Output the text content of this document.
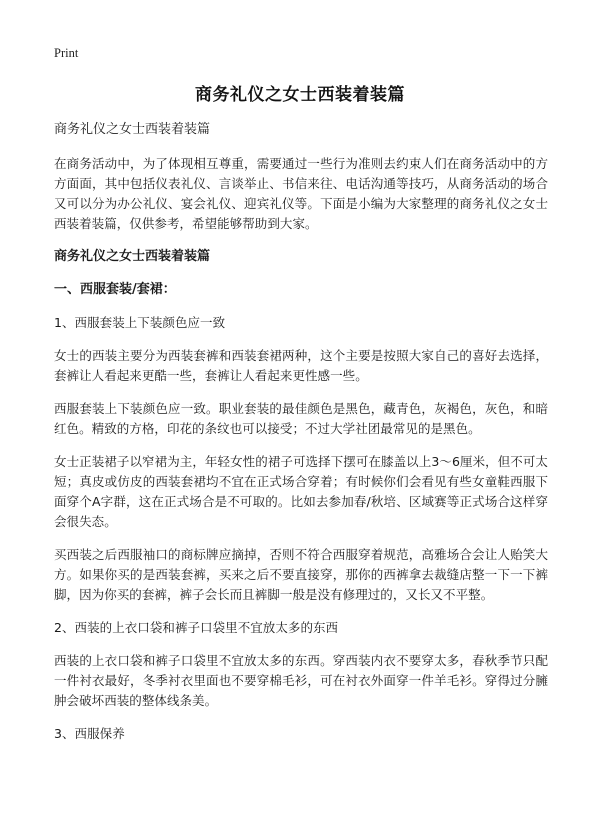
Print
商务礼仪之女士西装着装篇
商务礼仪之女士西装着装篇

在商务活动中，为了体现相互尊重，需要通过一些行为准则去约束人们在商务活动中的方方面面，其中包括仪表礼仪、言谈举止、书信来往、电话沟通等技巧，从商务活动的场合又可以分为办公礼仪、宴会礼仪、迎宾礼仪等。下面是小编为大家整理的商务礼仪之女士西装着装篇，仅供参考，希望能够帮助到大家。

商务礼仪之女士西装着装篇
一、西服套装/套裙：

1、西服套装上下装颜色应一致

女士的西装主要分为西装套裤和西装套裙两种，这个主要是按照大家自己的喜好去选择，套裤让人看起来更酷一些，套裤让人看起来更性感一些。

西服套装上下装颜色应一致。职业套装的最佳颜色是黑色，藏青色，灰褐色，灰色，和暗红色。精致的方格，印花的条纹也可以接受；不过大学社团最常见的是黑色。

女士正装裙子以窄裙为主，年轻女性的裙子可选择下摆可在膝盖以上3～6厘米，但不可太短；真皮或仿皮的西装套裙均不宜在正式场合穿着；有时候你们会看见有些女童鞋西服下面穿个A字群，这在正式场合是不可取的。比如去参加春/秋培、区域赛等正式场合这样穿会很失态。

买西装之后西服袖口的商标牌应摘掉，否则不符合西服穿着规范，高雅场合会让人贻笑大方。如果你买的是西装套裤，买来之后不要直接穿，那你的西裤拿去裁缝店整一下一下裤脚，因为你买的套裤，裤子会长而且裤脚一般是没有修理过的，又长又不平整。

2、西装的上衣口袋和裤子口袋里不宜放太多的东西

西装的上衣口袋和裤子口袋里不宜放太多的东西。穿西装内衣不要穿太多，春秋季节只配一件衬衣最好，冬季衬衣里面也不要穿棉毛衫，可在衬衣外面穿一件羊毛衫。穿得过分臃肿会破坏西装的整体线条美。

3、西服保养
